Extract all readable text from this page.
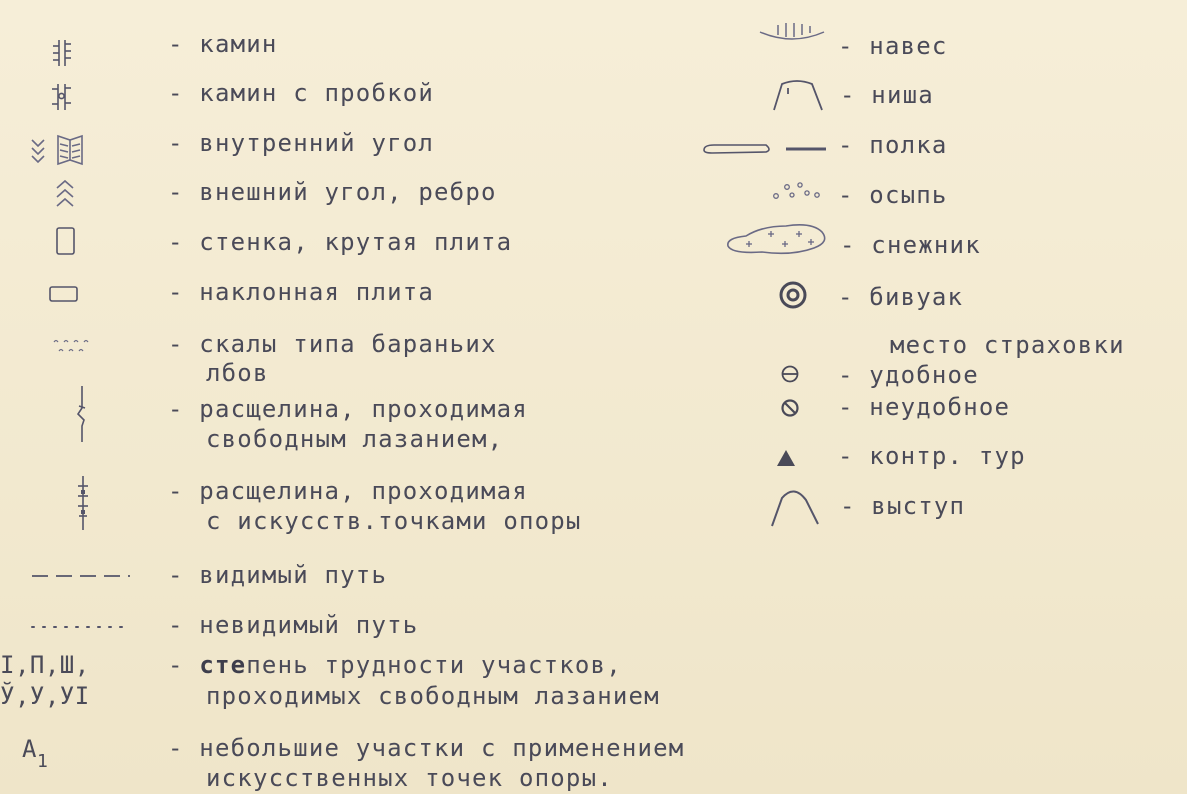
- камин
- камин с пробкой
- внутренний угол
- внешний угол, ребро
- стенка, крутая плита
- наклонная плита
- скалы типа бараньих
лбов
- расщелина, проходимая
свободным лазанием,
- расщелина, проходимая
с искусств.точками опоры
- видимый путь
- невидимый путь
I,П,Ш,
Ў,У,УI
- степень трудности участков,
проходимых свободным лазанием
$A_1$	- небольшие участки с применением
искусственных точек опоры.
- навес
- ниша
- полка
- осыпь
- снежник
- бивуак
место страховки
- удобное
- неудобное
- контр. тур
- выступ
